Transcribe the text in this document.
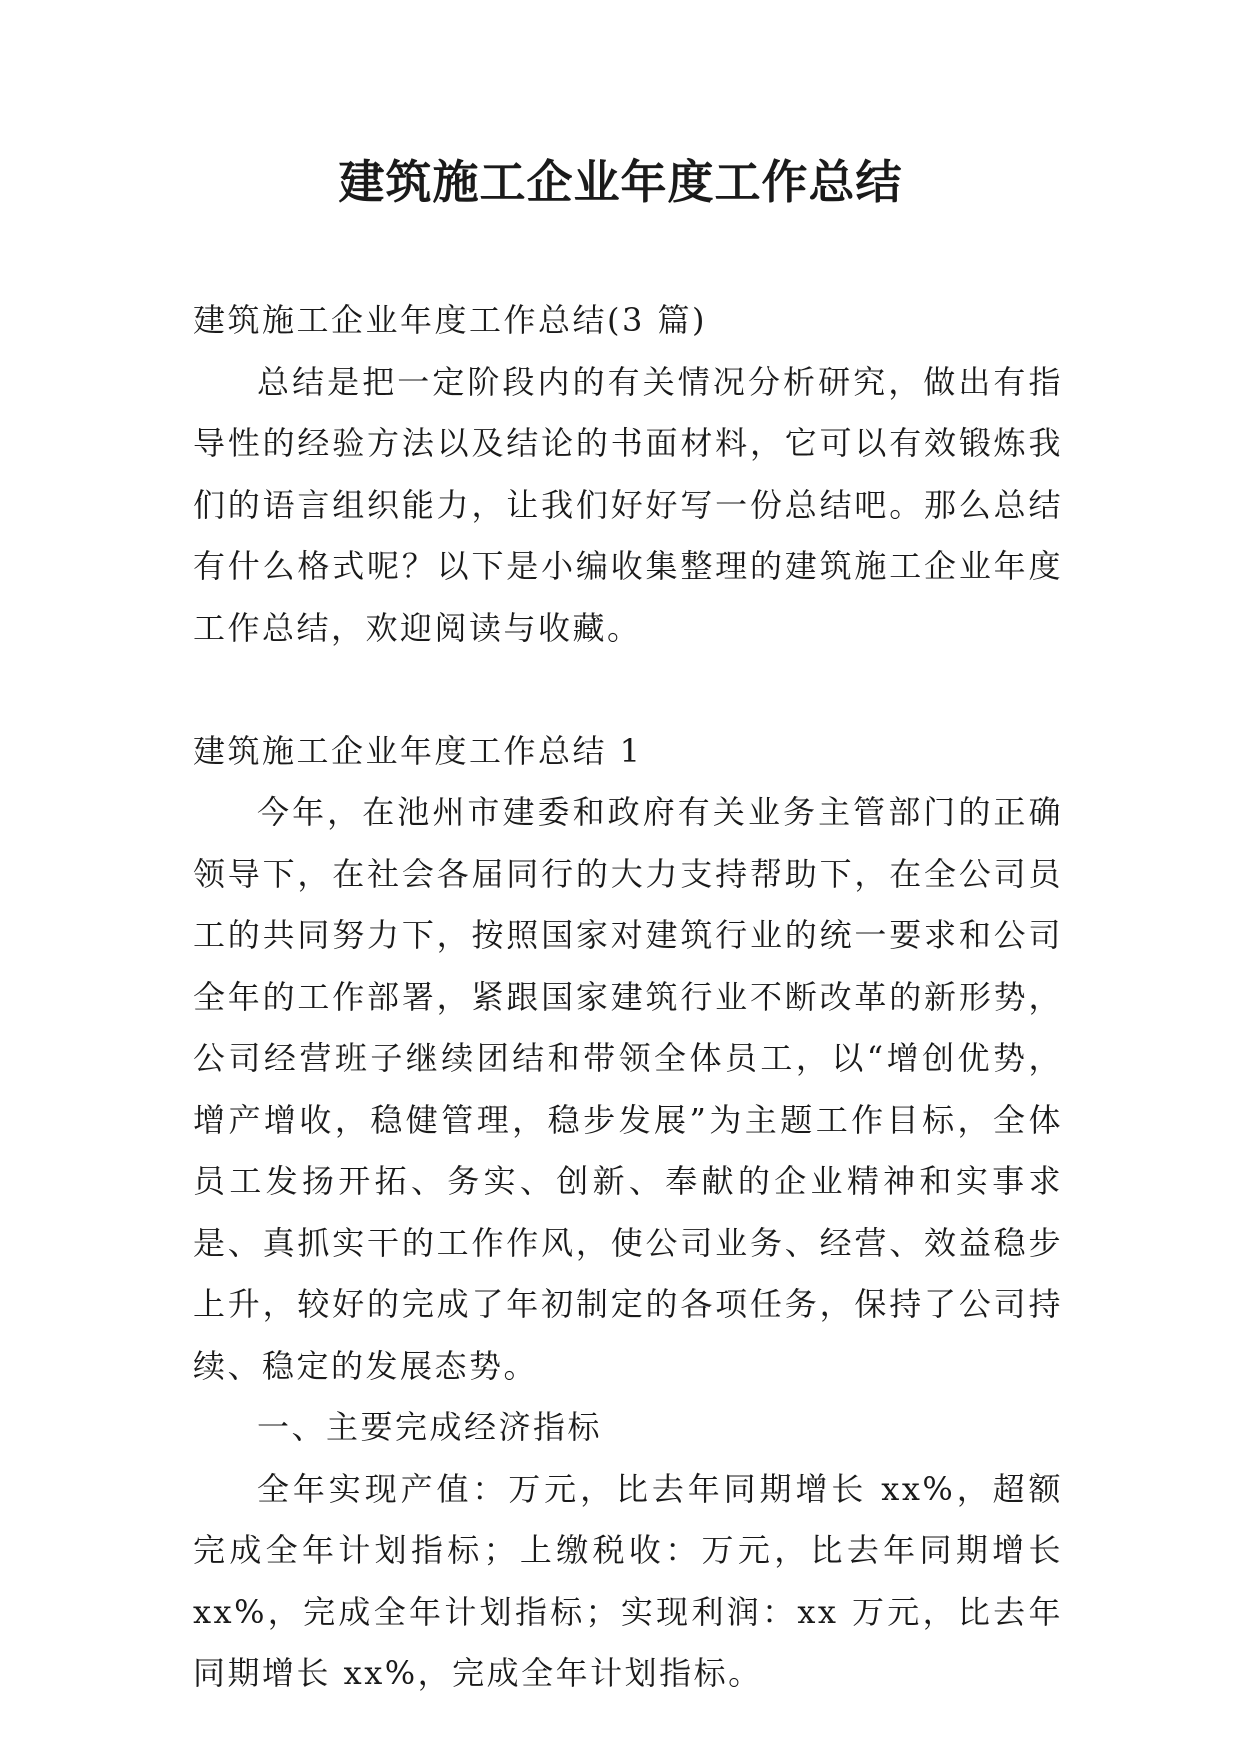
建筑施工企业年度工作总结

建筑施工企业年度工作总结(3 篇)

总结是把一定阶段内的有关情况分析研究，做出有指导性的经验方法以及结论的书面材料，它可以有效锻炼我们的语言组织能力，让我们好好写一份总结吧。那么总结有什么格式呢？以下是小编收集整理的建筑施工企业年度工作总结，欢迎阅读与收藏。

建筑施工企业年度工作总结 1

今年，在池州市建委和政府有关业务主管部门的正确领导下，在社会各届同行的大力支持帮助下，在全公司员工的共同努力下，按照国家对建筑行业的统一要求和公司全年的工作部署，紧跟国家建筑行业不断改革的新形势，公司经营班子继续团结和带领全体员工，以“增创优势，增产增收，稳健管理，稳步发展”为主题工作目标，全体员工发扬开拓、务实、创新、奉献的企业精神和实事求是、真抓实干的工作作风，使公司业务、经营、效益稳步上升，较好的完成了年初制定的各项任务，保持了公司持续、稳定的发展态势。

一、主要完成经济指标

全年实现产值：万元，比去年同期增长 xx%，超额完成全年计划指标；上缴税收：万元，比去年同期增长 xx%，完成全年计划指标；实现利润：xx 万元，比去年同期增长 xx%，完成全年计划指标。
